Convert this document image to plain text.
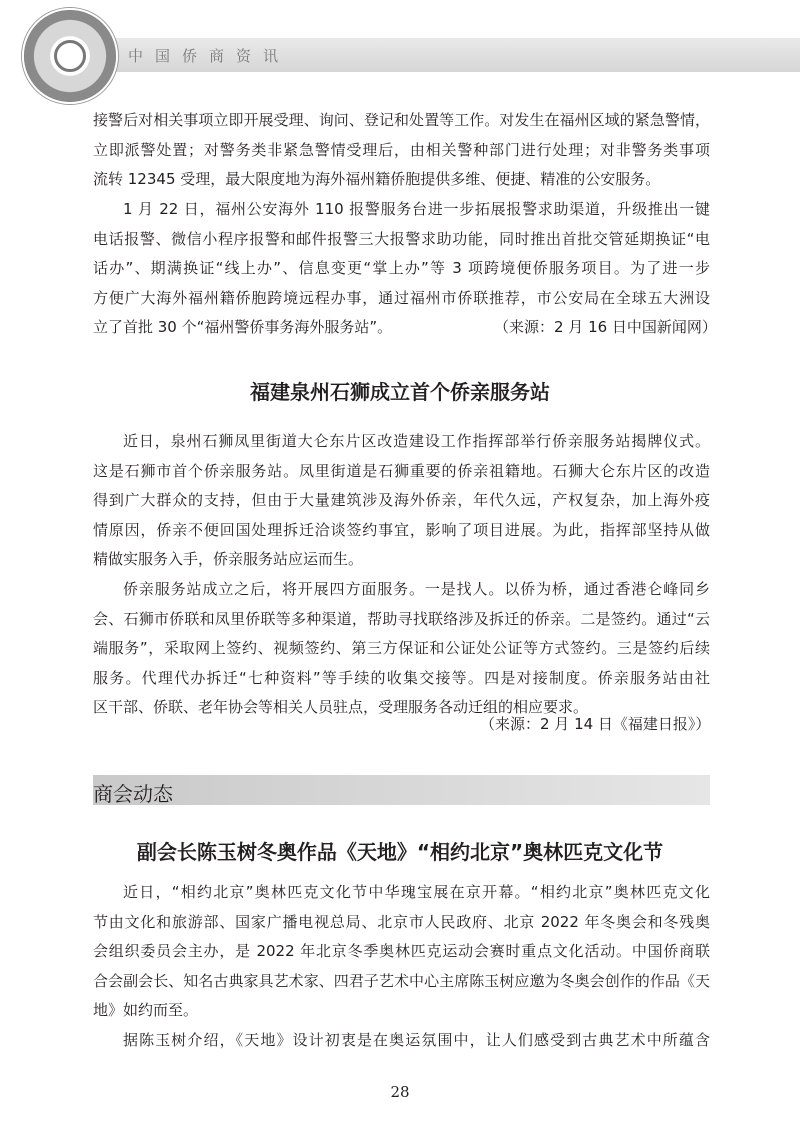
中国侨商资讯
接警后对相关事项立即开展受理、询问、登记和处置等工作。对发生在福州区域的紧急警情，
立即派警处置；对警务类非紧急警情受理后，由相关警种部门进行处理；对非警务类事项
流转 12345 受理，最大限度地为海外福州籍侨胞提供多维、便捷、精准的公安服务。
1 月 22 日，福州公安海外 110 报警服务台进一步拓展报警求助渠道，升级推出一键
电话报警、微信小程序报警和邮件报警三大报警求助功能，同时推出首批交管延期换证“电
话办”、期满换证“线上办”、信息变更“掌上办”等 3 项跨境便侨服务项目。为了进一步
方便广大海外福州籍侨胞跨境远程办事，通过福州市侨联推荐，市公安局在全球五大洲设
立了首批 30 个“福州警侨事务海外服务站”。	（来源：2 月 16 日中国新闻网）
福建泉州石狮成立首个侨亲服务站
近日，泉州石狮凤里街道大仑东片区改造建设工作指挥部举行侨亲服务站揭牌仪式。
这是石狮市首个侨亲服务站。凤里街道是石狮重要的侨亲祖籍地。石狮大仑东片区的改造
得到广大群众的支持，但由于大量建筑涉及海外侨亲，年代久远，产权复杂，加上海外疫
情原因，侨亲不便回国处理拆迁洽谈签约事宜，影响了项目进展。为此，指挥部坚持从做
精做实服务入手，侨亲服务站应运而生。
侨亲服务站成立之后，将开展四方面服务。一是找人。以侨为桥，通过香港仑峰同乡
会、石狮市侨联和凤里侨联等多种渠道，帮助寻找联络涉及拆迁的侨亲。二是签约。通过“云
端服务”，采取网上签约、视频签约、第三方保证和公证处公证等方式签约。三是签约后续
服务。代理代办拆迁“七种资料”等手续的收集交接等。四是对接制度。侨亲服务站由社
区干部、侨联、老年协会等相关人员驻点，受理服务各动迁组的相应要求。
（来源：2 月 14 日《福建日报》）
商会动态
副会长陈玉树冬奥作品《天地》“相约北京”奥林匹克文化节
近日，“相约北京”奥林匹克文化节中华瑰宝展在京开幕。“相约北京”奥林匹克文化
节由文化和旅游部、国家广播电视总局、北京市人民政府、北京 2022 年冬奥会和冬残奥
会组织委员会主办，是 2022 年北京冬季奥林匹克运动会赛时重点文化活动。中国侨商联
合会副会长、知名古典家具艺术家、四君子艺术中心主席陈玉树应邀为冬奥会创作的作品《天
地》如约而至。
据陈玉树介绍，《天地》设计初衷是在奥运氛围中，让人们感受到古典艺术中所蕴含
28
